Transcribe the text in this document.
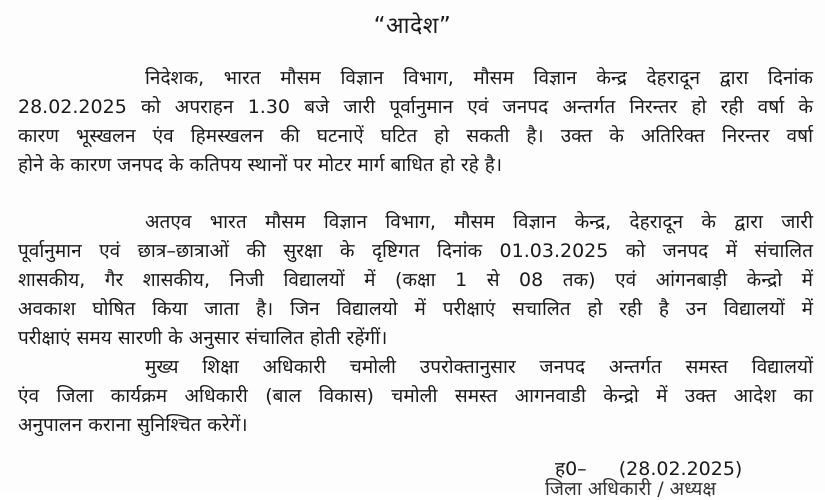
“आदेश”
निदेशक, भारत मौसम विज्ञान विभाग, मौसम विज्ञान केन्द्र देहरादून द्वारा दिनांक
28.02.2025 को अपराहन 1.30 बजे जारी पूर्वानुमान एवं जनपद अन्तर्गत निरन्तर हो रही वर्षा के
कारण भूस्खलन एंव हिमस्खलन की घटनाऐं घटित हो सकती है। उक्त के अतिरिक्त निरन्तर वर्षा
होने के कारण जनपद के कतिपय स्थानों पर मोटर मार्ग बाधित हो रहे है।
अतएव भारत मौसम विज्ञान विभाग, मौसम विज्ञान केन्द्र, देहरादून के द्वारा जारी
पूर्वानुमान एवं छात्र–छात्राओं की सुरक्षा के दृष्टिगत दिनांक 01.03.2025 को जनपद में संचालित
शासकीय, गैर शासकीय, निजी विद्यालयों में (कक्षा 1 से 08 तक) एवं आंगनबाड़ी केन्द्रो में
अवकाश घोषित किया जाता है। जिन विद्यालयो में परीक्षाएं सचालित हो रही है उन विद्यालयों में
परीक्षाएं समय सारणी के अनुसार संचालित होती रहेंगीं।
मुख्य शिक्षा अधिकारी चमोली उपरोक्तानुसार जनपद अन्तर्गत समस्त विद्यालयों
एंव जिला कार्यक्रम अधिकारी (बाल विकास) चमोली समस्त आगनवाडी केन्द्रो में उक्त आदेश का
अनुपालन कराना सुनिश्चित करेगें।
ह0– (28.02.2025)
जिला अधिकारी / अध्यक्ष
